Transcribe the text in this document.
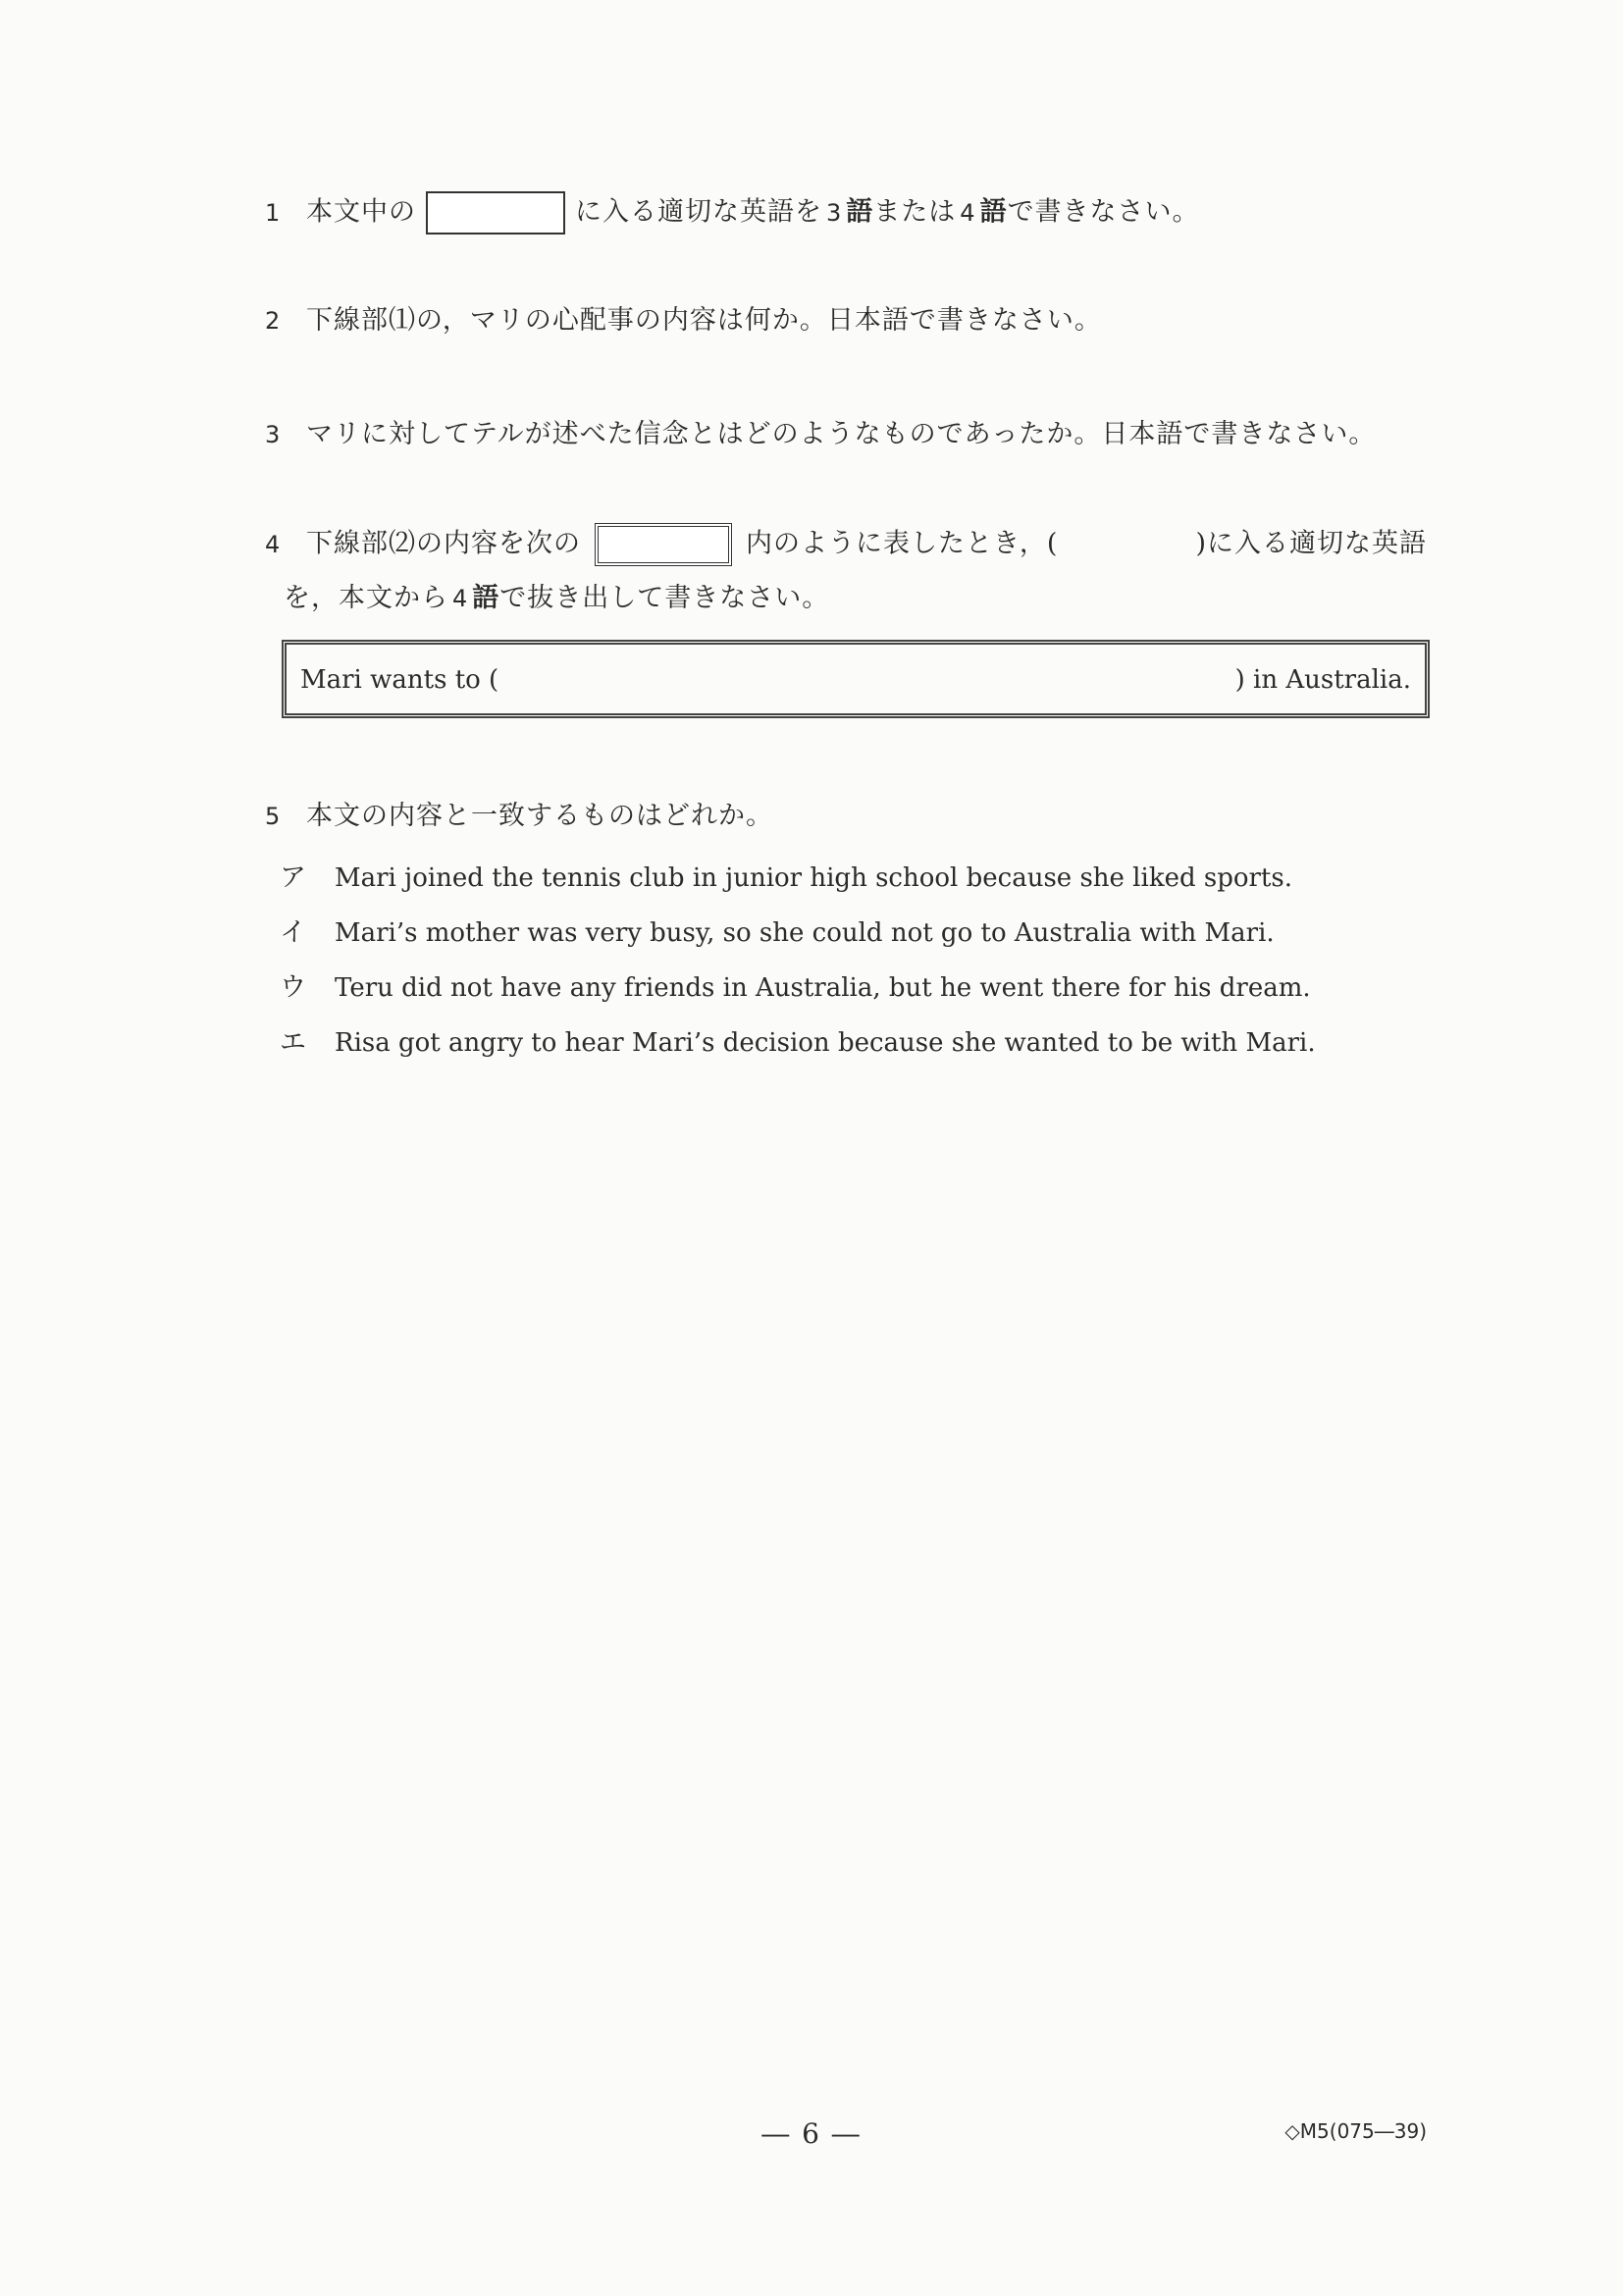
1 本文中の	に入る適切な英語を 3 語または 4 語で書きなさい。
2 下線部⑴の，マリの心配事の内容は何か。日本語で書きなさい。
3 マリに対してテルが述べた信念とはどのようなものであったか。日本語で書きなさい。
4 下線部⑵の内容を次の	内のように表したとき，(	)に入る適切な英語
を，本文から 4 語で抜き出して書きなさい。
Mari wants to (	) in Australia.
5 本文の内容と一致するものはどれか。
ア Mari joined the tennis club in junior high school because she liked sports.
イ Mari’s mother was very busy, so she could not go to Australia with Mari.
ウ Teru did not have any friends in Australia, but he went there for his dream.
エ Risa got angry to hear Mari’s decision because she wanted to be with Mari.
― 6 ―	◇M5(075―39)
